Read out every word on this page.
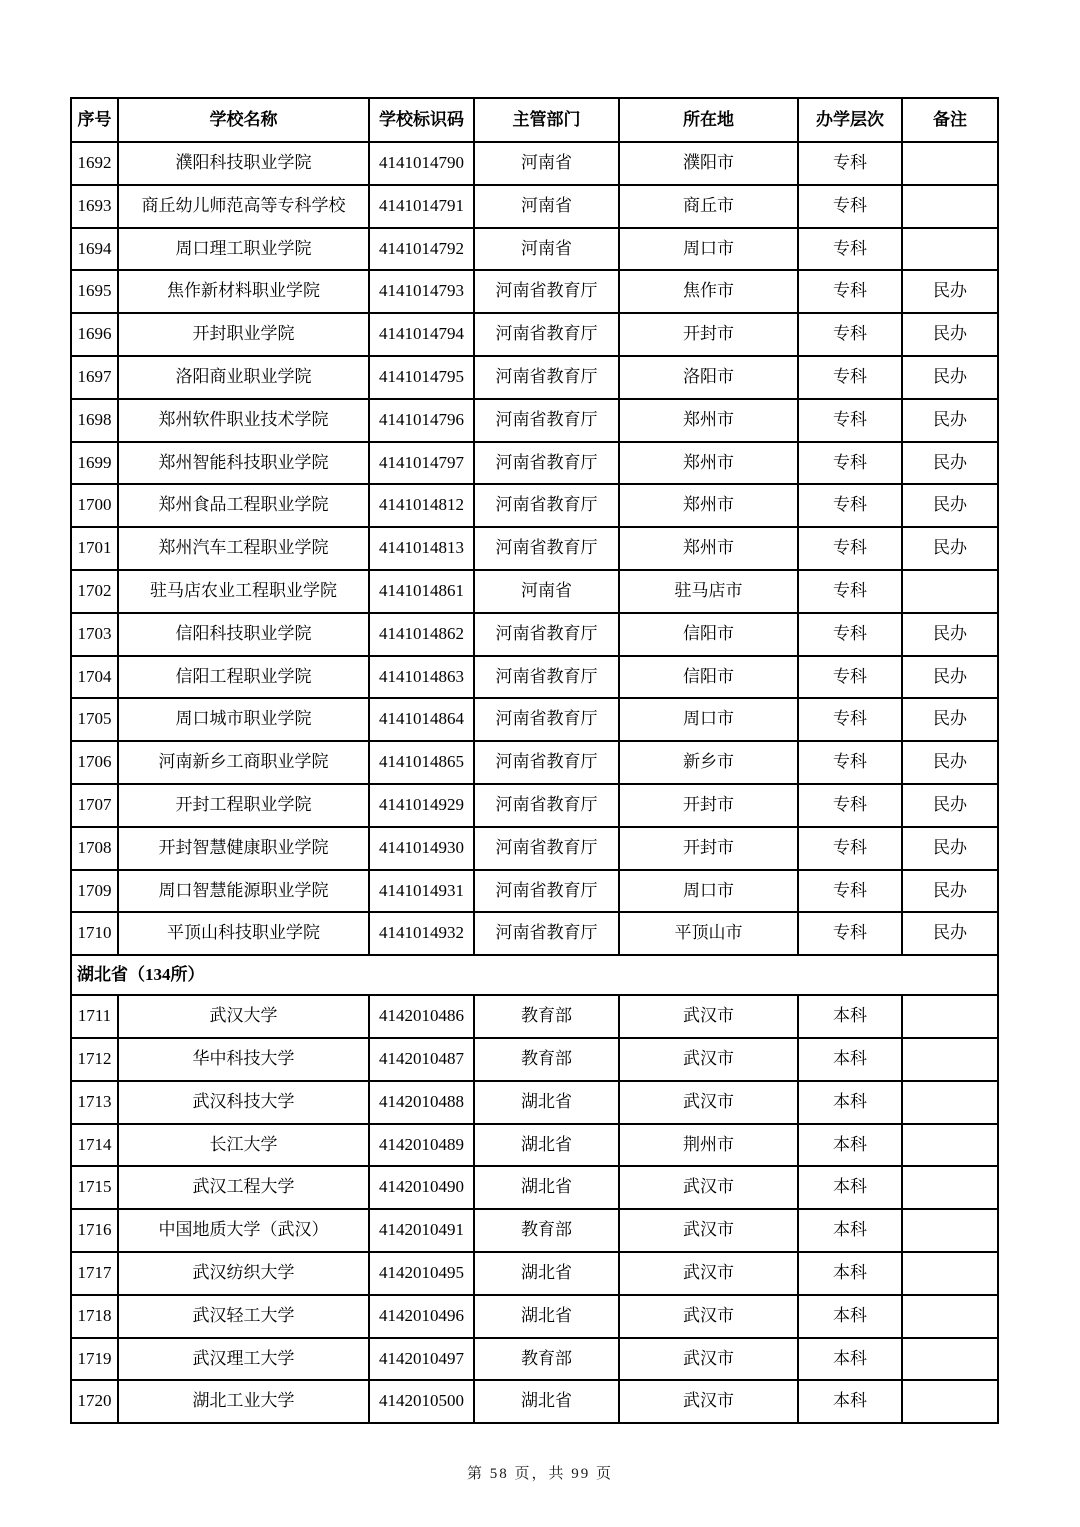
序号	学校名称	学校标识码	主管部门	所在地	办学层次	备注
1692	濮阳科技职业学院	4141014790	河南省	濮阳市	专科	
1693	商丘幼儿师范高等专科学校	4141014791	河南省	商丘市	专科	
1694	周口理工职业学院	4141014792	河南省	周口市	专科	
1695	焦作新材料职业学院	4141014793	河南省教育厅	焦作市	专科	民办
1696	开封职业学院	4141014794	河南省教育厅	开封市	专科	民办
1697	洛阳商业职业学院	4141014795	河南省教育厅	洛阳市	专科	民办
1698	郑州软件职业技术学院	4141014796	河南省教育厅	郑州市	专科	民办
1699	郑州智能科技职业学院	4141014797	河南省教育厅	郑州市	专科	民办
1700	郑州食品工程职业学院	4141014812	河南省教育厅	郑州市	专科	民办
1701	郑州汽车工程职业学院	4141014813	河南省教育厅	郑州市	专科	民办
1702	驻马店农业工程职业学院	4141014861	河南省	驻马店市	专科	
1703	信阳科技职业学院	4141014862	河南省教育厅	信阳市	专科	民办
1704	信阳工程职业学院	4141014863	河南省教育厅	信阳市	专科	民办
1705	周口城市职业学院	4141014864	河南省教育厅	周口市	专科	民办
1706	河南新乡工商职业学院	4141014865	河南省教育厅	新乡市	专科	民办
1707	开封工程职业学院	4141014929	河南省教育厅	开封市	专科	民办
1708	开封智慧健康职业学院	4141014930	河南省教育厅	开封市	专科	民办
1709	周口智慧能源职业学院	4141014931	河南省教育厅	周口市	专科	民办
1710	平顶山科技职业学院	4141014932	河南省教育厅	平顶山市	专科	民办
湖北省（134所）						
1711	武汉大学	4142010486	教育部	武汉市	本科	
1712	华中科技大学	4142010487	教育部	武汉市	本科	
1713	武汉科技大学	4142010488	湖北省	武汉市	本科	
1714	长江大学	4142010489	湖北省	荆州市	本科	
1715	武汉工程大学	4142010490	湖北省	武汉市	本科	
1716	中国地质大学（武汉）	4142010491	教育部	武汉市	本科	
1717	武汉纺织大学	4142010495	湖北省	武汉市	本科	
1718	武汉轻工大学	4142010496	湖北省	武汉市	本科	
1719	武汉理工大学	4142010497	教育部	武汉市	本科	
1720	湖北工业大学	4142010500	湖北省	武汉市	本科	
第 58 页，共 99 页
